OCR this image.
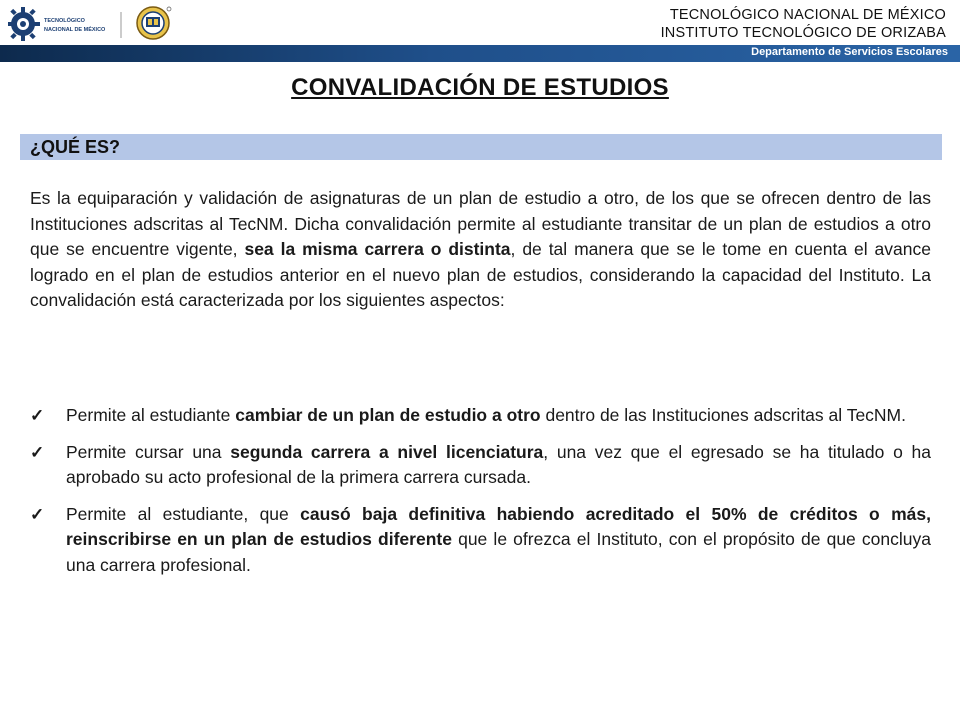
TECNOLÓGICO
NACIONAL DE MÉXICO
TECNOLÓGICO NACIONAL DE MÉXICO
INSTITUTO TECNOLÓGICO DE ORIZABA
Departamento de Servicios Escolares
CONVALIDACIÓN DE ESTUDIOS
¿QUÉ ES?

Es la equiparación y validación de asignaturas de un plan de estudio a otro, de los que se ofrecen dentro de las Instituciones adscritas al TecNM. Dicha convalidación permite al estudiante transitar de un plan de estudios a otro que se encuentre vigente, sea la misma carrera o distinta, de tal manera que se le tome en cuenta el avance logrado en el plan de estudios anterior en el nuevo plan de estudios, considerando la capacidad del Instituto. La convalidación está caracterizada por los siguientes aspectos:

✓ Permite al estudiante cambiar de un plan de estudio a otro dentro de las Instituciones adscritas al TecNM.
✓ Permite cursar una segunda carrera a nivel licenciatura, una vez que el egresado se ha titulado o ha aprobado su acto profesional de la primera carrera cursada.
✓ Permite al estudiante, que causó baja definitiva habiendo acreditado el 50% de créditos o más, reinscribirse en un plan de estudios diferente que le ofrezca el Instituto, con el propósito de que concluya una carrera profesional.
